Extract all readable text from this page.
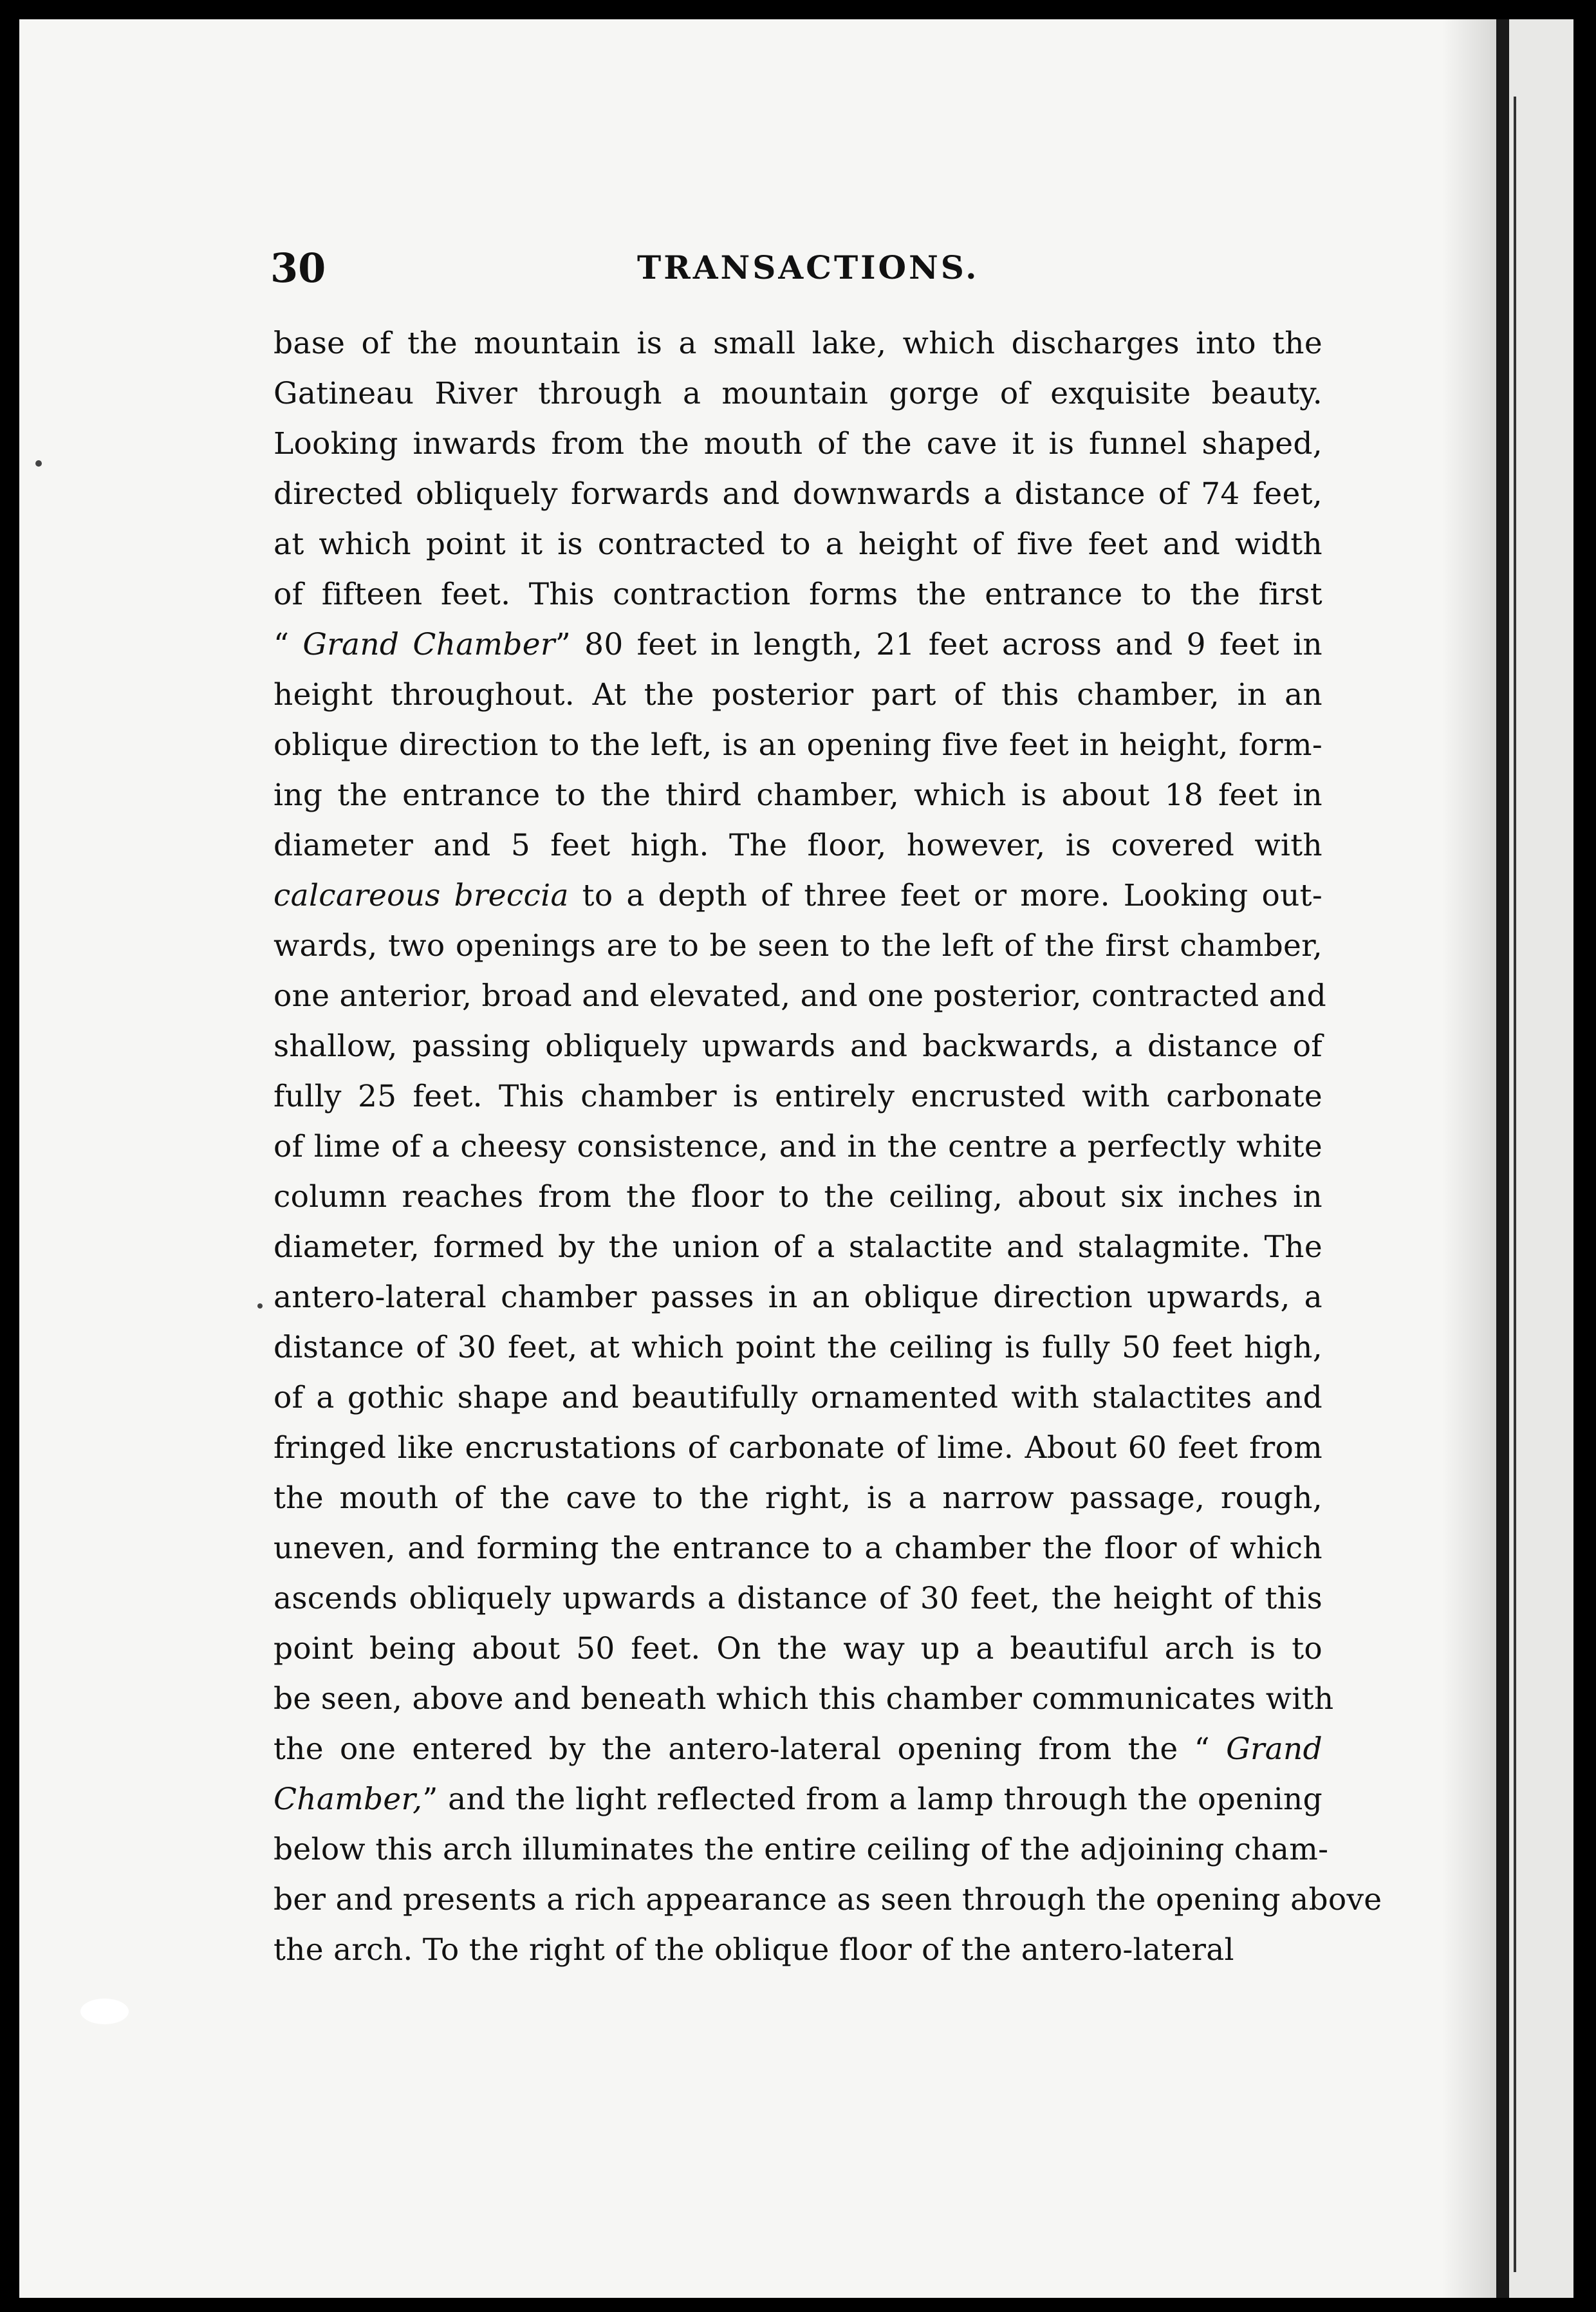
30	TRANSACTIONS.
base of the mountain is a small lake, which discharges into the
Gatineau River through a mountain gorge of exquisite beauty.
Looking inwards from the mouth of the cave it is funnel shaped,
directed obliquely forwards and downwards a distance of 74 feet,
at which point it is contracted to a height of five feet and width
of fifteen feet. This contraction forms the entrance to the first
“ Grand Chamber” 80 feet in length, 21 feet across and 9 feet in
height throughout. At the posterior part of this chamber, in an
oblique direction to the left, is an opening five feet in height, form-
ing the entrance to the third chamber, which is about 18 feet in
diameter and 5 feet high. The floor, however, is covered with
calcareous breccia to a depth of three feet or more. Looking out-
wards, two openings are to be seen to the left of the first chamber,
one anterior, broad and elevated, and one posterior, contracted and
shallow, passing obliquely upwards and backwards, a distance of
fully 25 feet. This chamber is entirely encrusted with carbonate
of lime of a cheesy consistence, and in the centre a perfectly white
column reaches from the floor to the ceiling, about six inches in
diameter, formed by the union of a stalactite and stalagmite. The
antero-lateral chamber passes in an oblique direction upwards, a
distance of 30 feet, at which point the ceiling is fully 50 feet high,
of a gothic shape and beautifully ornamented with stalactites and
fringed like encrustations of carbonate of lime. About 60 feet from
the mouth of the cave to the right, is a narrow passage, rough,
uneven, and forming the entrance to a chamber the floor of which
ascends obliquely upwards a distance of 30 feet, the height of this
point being about 50 feet. On the way up a beautiful arch is to
be seen, above and beneath which this chamber communicates with
the one entered by the antero-lateral opening from the “ Grand
Chamber,” and the light reflected from a lamp through the opening
below this arch illuminates the entire ceiling of the adjoining cham-
ber and presents a rich appearance as seen through the opening above
the arch. To the right of the oblique floor of the antero-lateral
